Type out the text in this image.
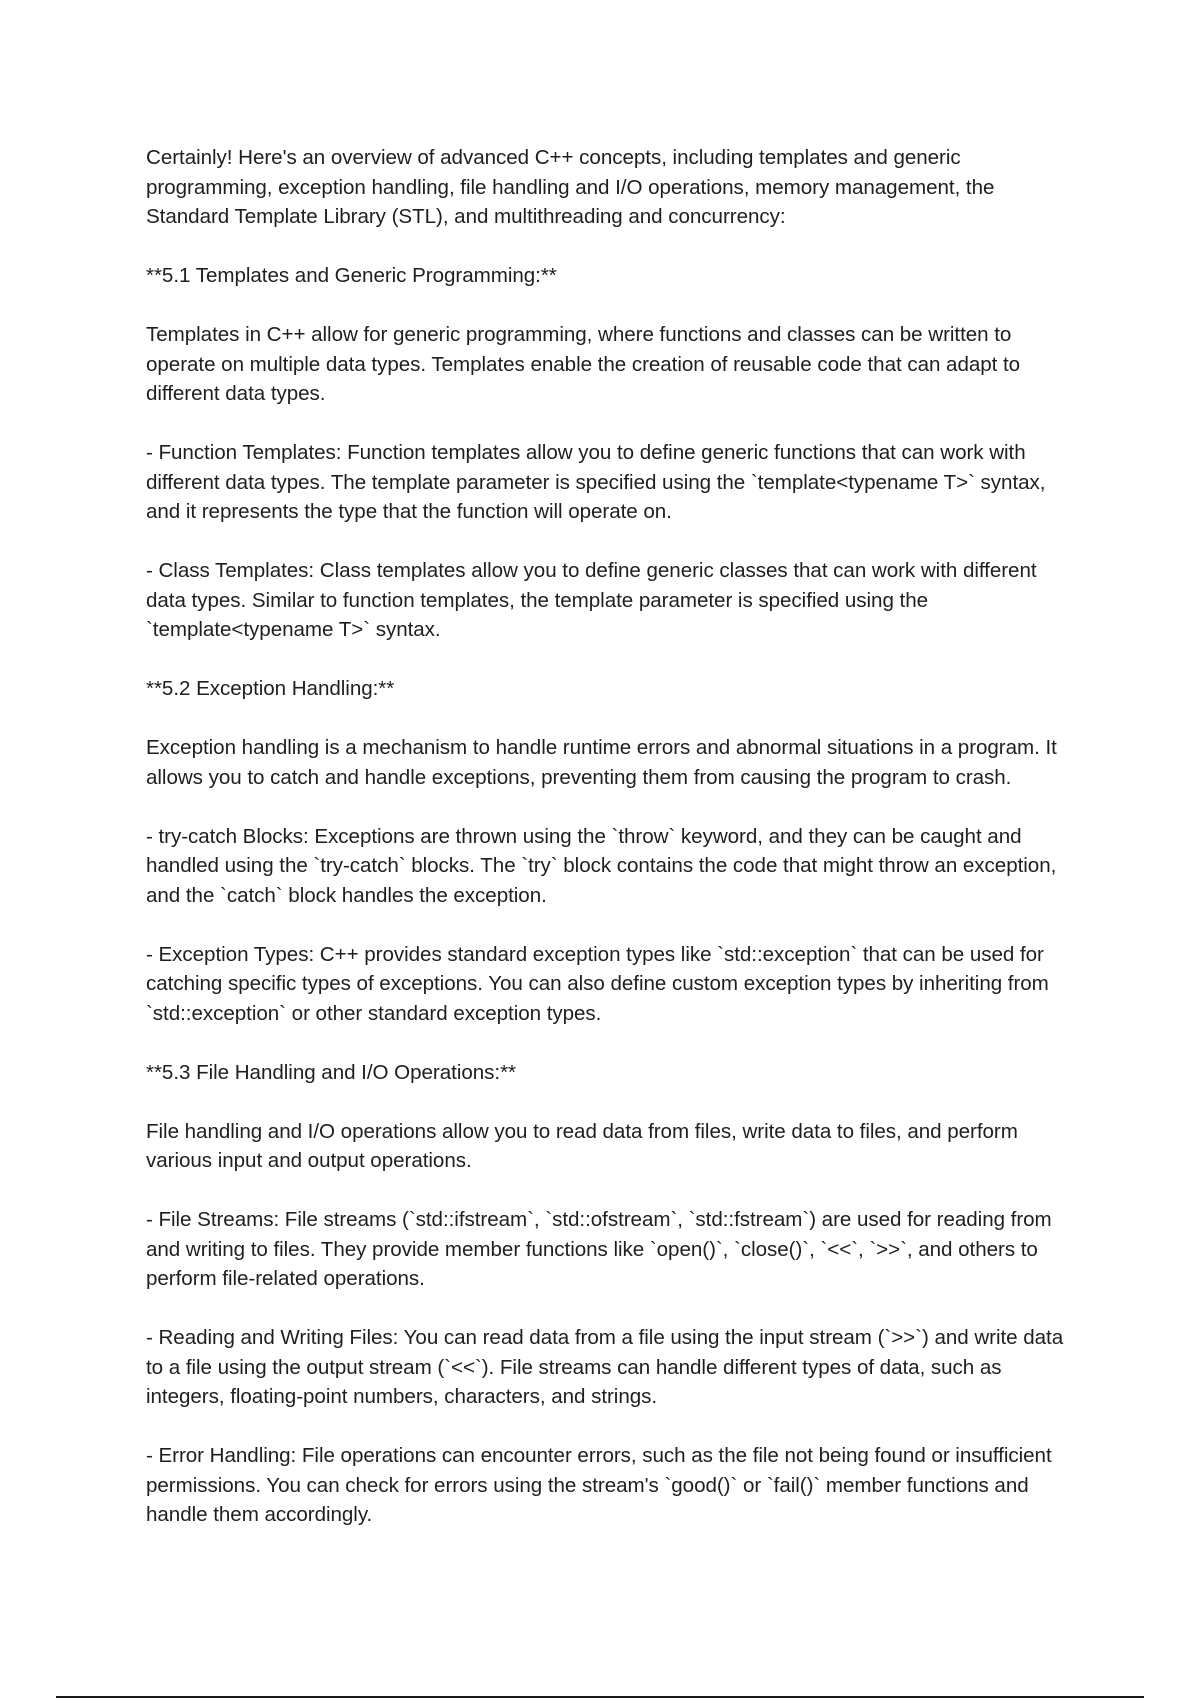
Certainly! Here's an overview of advanced C++ concepts, including templates and generic programming, exception handling, file handling and I/O operations, memory management, the Standard Template Library (STL), and multithreading and concurrency:

**5.1 Templates and Generic Programming:**

Templates in C++ allow for generic programming, where functions and classes can be written to operate on multiple data types. Templates enable the creation of reusable code that can adapt to different data types.

- Function Templates: Function templates allow you to define generic functions that can work with different data types. The template parameter is specified using the `template<typename T>` syntax, and it represents the type that the function will operate on.

- Class Templates: Class templates allow you to define generic classes that can work with different data types. Similar to function templates, the template parameter is specified using the `template<typename T>` syntax.

**5.2 Exception Handling:**

Exception handling is a mechanism to handle runtime errors and abnormal situations in a program. It allows you to catch and handle exceptions, preventing them from causing the program to crash.

- try-catch Blocks: Exceptions are thrown using the `throw` keyword, and they can be caught and handled using the `try-catch` blocks. The `try` block contains the code that might throw an exception, and the `catch` block handles the exception.

- Exception Types: C++ provides standard exception types like `std::exception` that can be used for catching specific types of exceptions. You can also define custom exception types by inheriting from `std::exception` or other standard exception types.

**5.3 File Handling and I/O Operations:**

File handling and I/O operations allow you to read data from files, write data to files, and perform various input and output operations.

- File Streams: File streams (`std::ifstream`, `std::ofstream`, `std::fstream`) are used for reading from and writing to files. They provide member functions like `open()`, `close()`, `<<`, `>>`, and others to perform file-related operations.

- Reading and Writing Files: You can read data from a file using the input stream (`>>`) and write data to a file using the output stream (`<<`). File streams can handle different types of data, such as integers, floating-point numbers, characters, and strings.

- Error Handling: File operations can encounter errors, such as the file not being found or insufficient permissions. You can check for errors using the stream's `good()` or `fail()` member functions and handle them accordingly.
